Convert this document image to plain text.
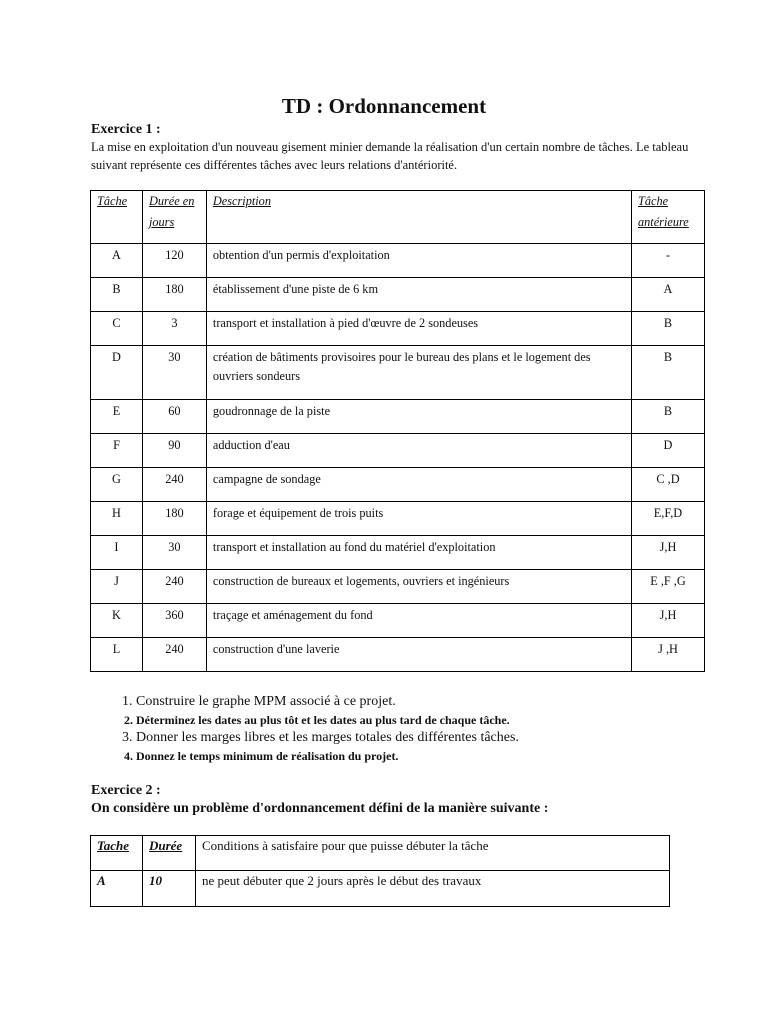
TD : Ordonnancement

Exercice 1 :

La mise en exploitation d'un nouveau gisement minier demande la réalisation d'un certain nombre de tâches. Le tableau suivant représente ces différentes tâches avec leurs relations d'antériorité.

Tâche	Durée en jours	Description	Tâche antérieure
A	120	obtention d'un permis d'exploitation	-
B	180	établissement d'une piste de 6 km	A
C	3	transport et installation à pied d'œuvre de 2 sondeuses	B
D	30	création de bâtiments provisoires pour le bureau des plans et le logement des ouvriers sondeurs	B
E	60	goudronnage de la piste	B
F	90	adduction d'eau	D
G	240	campagne de sondage	C ,D
H	180	forage et équipement de trois puits	E,F,D
I	30	transport et installation au fond du matériel d'exploitation	J,H
J	240	construction de bureaux et logements, ouvriers et ingénieurs	E ,F ,G
K	360	traçage et aménagement du fond	J,H
L	240	construction d'une laverie	J ,H
1. Construire le graphe MPM associé à ce projet.
2. Déterminez les dates au plus tôt et les dates au plus tard de chaque tâche.
3. Donner les marges libres et les marges totales des différentes tâches.
4. Donnez le temps minimum de réalisation du projet.

Exercice 2 :

On considère un problème d'ordonnancement défini de la manière suivante :

Tache	Durée	Conditions à satisfaire pour que puisse débuter la tâche
A	10	ne peut débuter que 2 jours après le début des travaux
